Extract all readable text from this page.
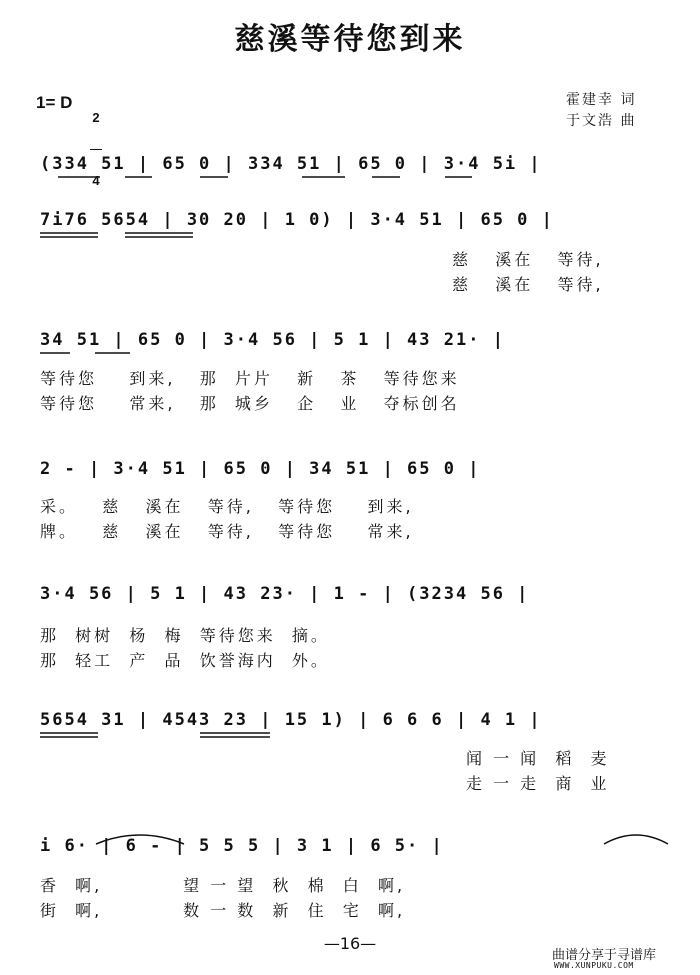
慈溪等待您到来
1= D

2

4

霍建幸 词
于文浩 曲
(334 51 | 65 0 | 334 51 | 65 0 | 3·4 5i |
7i76 5654 | 30 20 | 1 0) | 3·4 51 | 65 0 |
慈   溪在   等待,
慈   溪在   等待,
34 51 | 65 0 | 3·4 56 | 5 1 | 43 21· |
等待您    到来,   那  片片   新   茶   等待您来
等待您    常来,   那  城乡   企   业   夺标创名
2 - | 3·4 51 | 65 0 | 34 51 | 65 0 |
采。   慈   溪在   等待,   等待您    到来,
牌。   慈   溪在   等待,   等待您    常来,
3·4 56 | 5 1 | 43 23· | 1 - | (3234 56 |
那  树树  杨  梅  等待您来  摘。
那  轻工  产  品  饮誉海内  外。
5654 31 | 4543 23 | 15 1) | 6 6 6 | 4 1 |
闻 一 闻  稻  麦
走 一 走  商  业
i 6· | 6 - | 5 5 5 | 3 1 | 6 5· |
香  啊,          望 一 望  秋  棉  白  啊,
街  啊,          数 一 数  新  住  宅  啊,
—16—
曲谱分享于寻谱库
WWW.XUNPUKU.COM
